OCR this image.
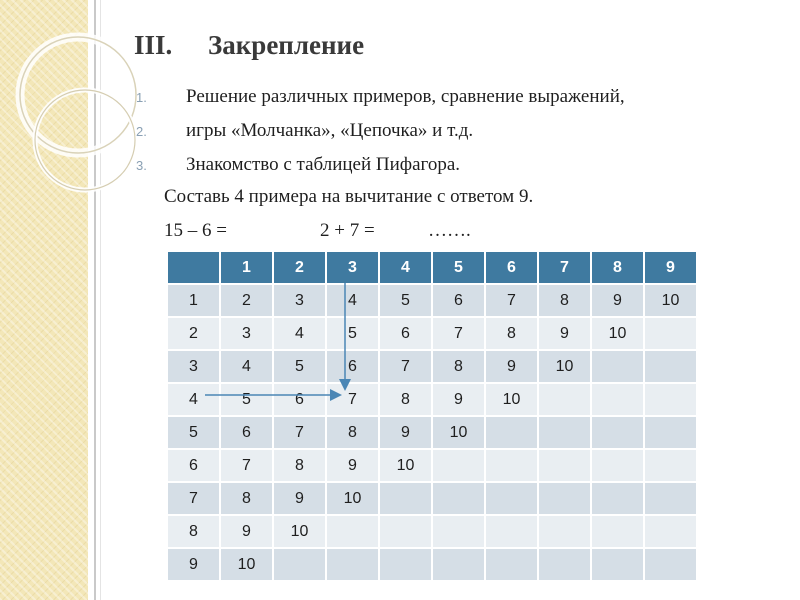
III. Закрепление
1. Решение различных примеров, сравнение выражений,
2. игры «Молчанка», «Цепочка» и т.д.
3. Знакомство с таблицей Пифагора.
Составь 4 примера на вычитание с ответом 9.
15 – 6 =	2 + 7 =	…….
	1	2	3	4	5	6	7	8	9
1	2	3	4	5	6	7	8	9	10
2	3	4	5	6	7	8	9	10	
3	4	5	6	7	8	9	10		
4	5	6	7	8	9	10			
5	6	7	8	9	10				
6	7	8	9	10					
7	8	9	10						
8	9	10							
9	10								
